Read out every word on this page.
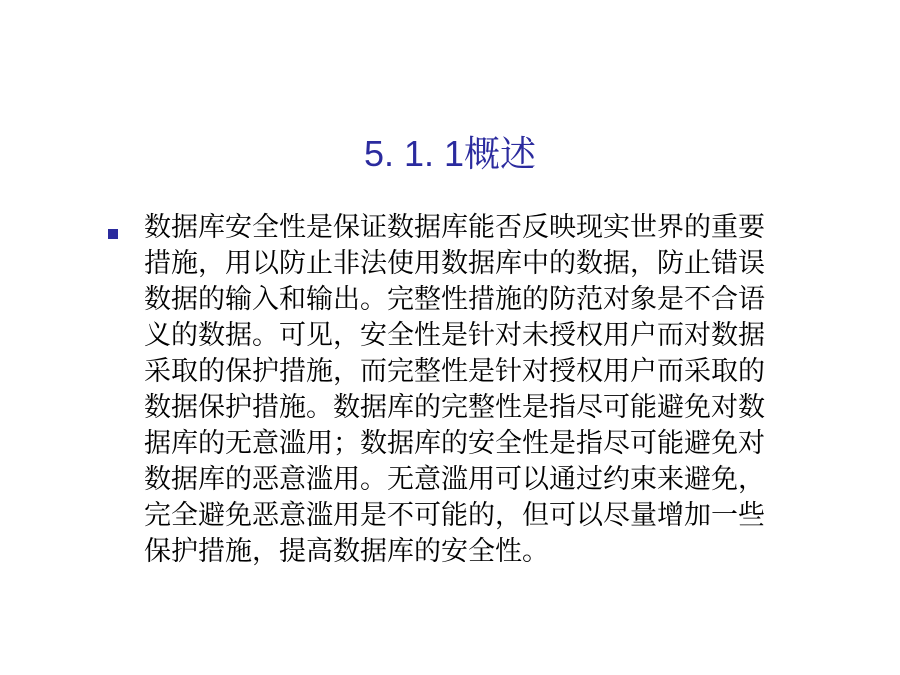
5. 1. 1概述
数据库安全性是保证数据库能否反映现实世界的重要
措施，用以防止非法使用数据库中的数据，防止错误
数据的输入和输出。完整性措施的防范对象是不合语
义的数据。可见，安全性是针对未授权用户而对数据
采取的保护措施，而完整性是针对授权用户而采取的
数据保护措施。数据库的完整性是指尽可能避免对数
据库的无意滥用；数据库的安全性是指尽可能避免对
数据库的恶意滥用。无意滥用可以通过约束来避免，
完全避免恶意滥用是不可能的，但可以尽量增加一些
保护措施，提高数据库的安全性。
